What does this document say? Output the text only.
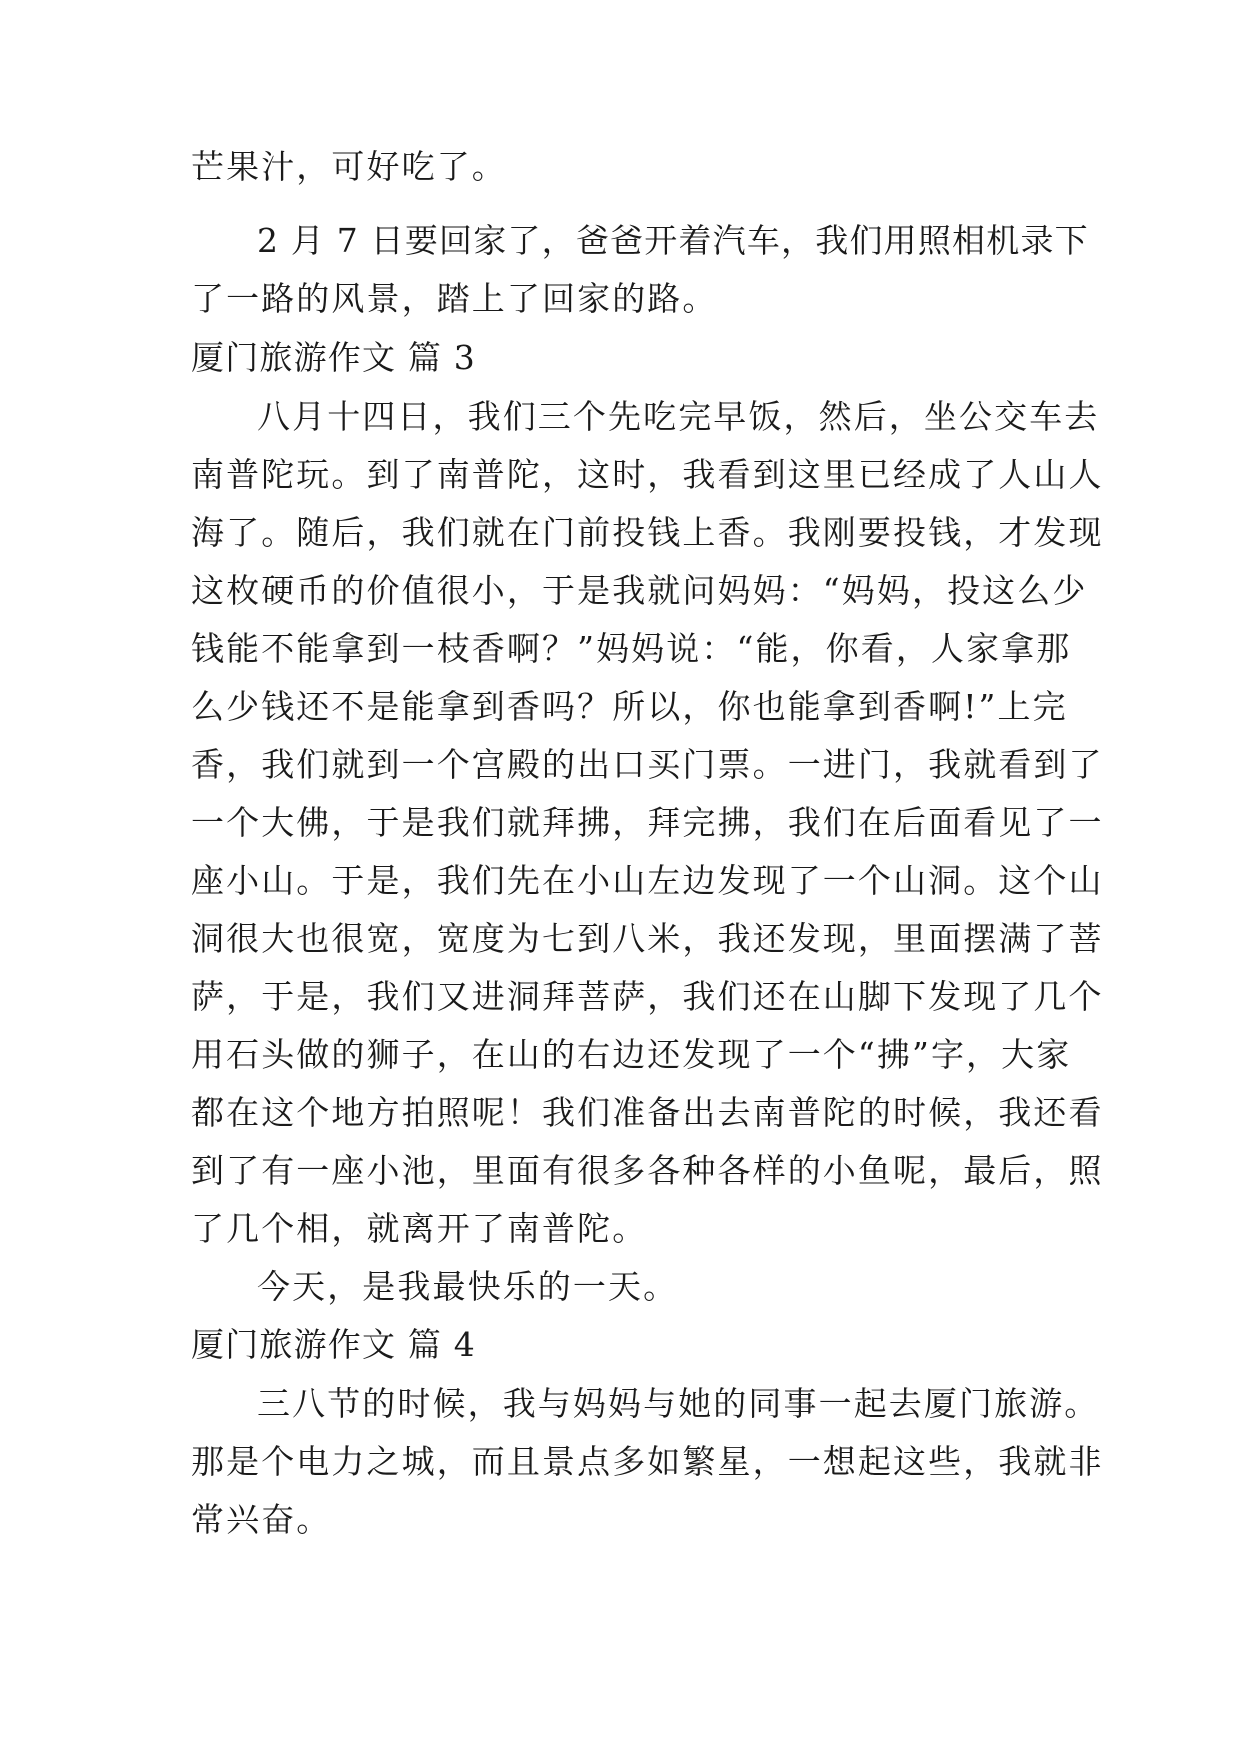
芒果汁，可好吃了。
2 月 7 日要回家了，爸爸开着汽车，我们用照相机录下
了一路的风景，踏上了回家的路。
厦门旅游作文 篇 3
八月十四日，我们三个先吃完早饭，然后，坐公交车去
南普陀玩。到了南普陀，这时，我看到这里已经成了人山人
海了。随后，我们就在门前投钱上香。我刚要投钱，才发现
这枚硬币的价值很小，于是我就问妈妈：“妈妈，投这么少
钱能不能拿到一枝香啊？”妈妈说：“能，你看，人家拿那
么少钱还不是能拿到香吗？所以，你也能拿到香啊!”上完
香，我们就到一个宫殿的出口买门票。一进门，我就看到了
一个大佛，于是我们就拜拂，拜完拂，我们在后面看见了一
座小山。于是，我们先在小山左边发现了一个山洞。这个山
洞很大也很宽，宽度为七到八米，我还发现，里面摆满了菩
萨，于是，我们又进洞拜菩萨，我们还在山脚下发现了几个
用石头做的狮子，在山的右边还发现了一个“拂”字，大家
都在这个地方拍照呢！我们准备出去南普陀的时候，我还看
到了有一座小池，里面有很多各种各样的小鱼呢，最后，照
了几个相，就离开了南普陀。
今天，是我最快乐的一天。
厦门旅游作文 篇 4
三八节的时候，我与妈妈与她的同事一起去厦门旅游。
那是个电力之城，而且景点多如繁星，一想起这些，我就非
常兴奋。
